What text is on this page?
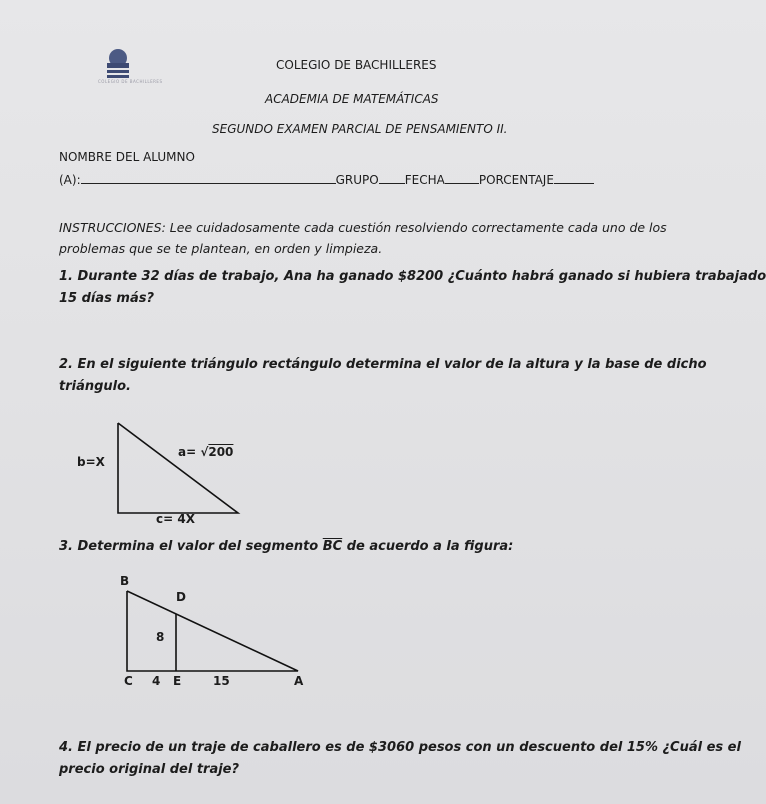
COLEGIO DE BACHILLERES
COLEGIO DE BACHILLERES
ACADEMIA DE MATEMÁTICAS
SEGUNDO EXAMEN PARCIAL DE PENSAMIENTO II.
NOMBRE DEL ALUMNO
(A):	GRUPO FECHA	PORCENTAJE
INSTRUCCIONES: Lee cuidadosamente cada cuestión resolviendo correctamente cada uno de los
problemas que se te plantean, en orden y limpieza.
1. Durante 32 días de trabajo, Ana ha ganado $8200 ¿Cuánto habrá ganado si hubiera trabajado
15 días más?
2. En el siguiente triángulo rectángulo determina el valor de la altura y la base de dicho
triángulo.
b=X
a= √200
c= 4X
3. Determina el valor del segmento $\overline{BC}$ de acuerdo a la figura:
B
D
8
C 4 E	15	A
4. El precio de un traje de caballero es de $3060 pesos con un descuento del 15% ¿Cuál es el
precio original del traje?
